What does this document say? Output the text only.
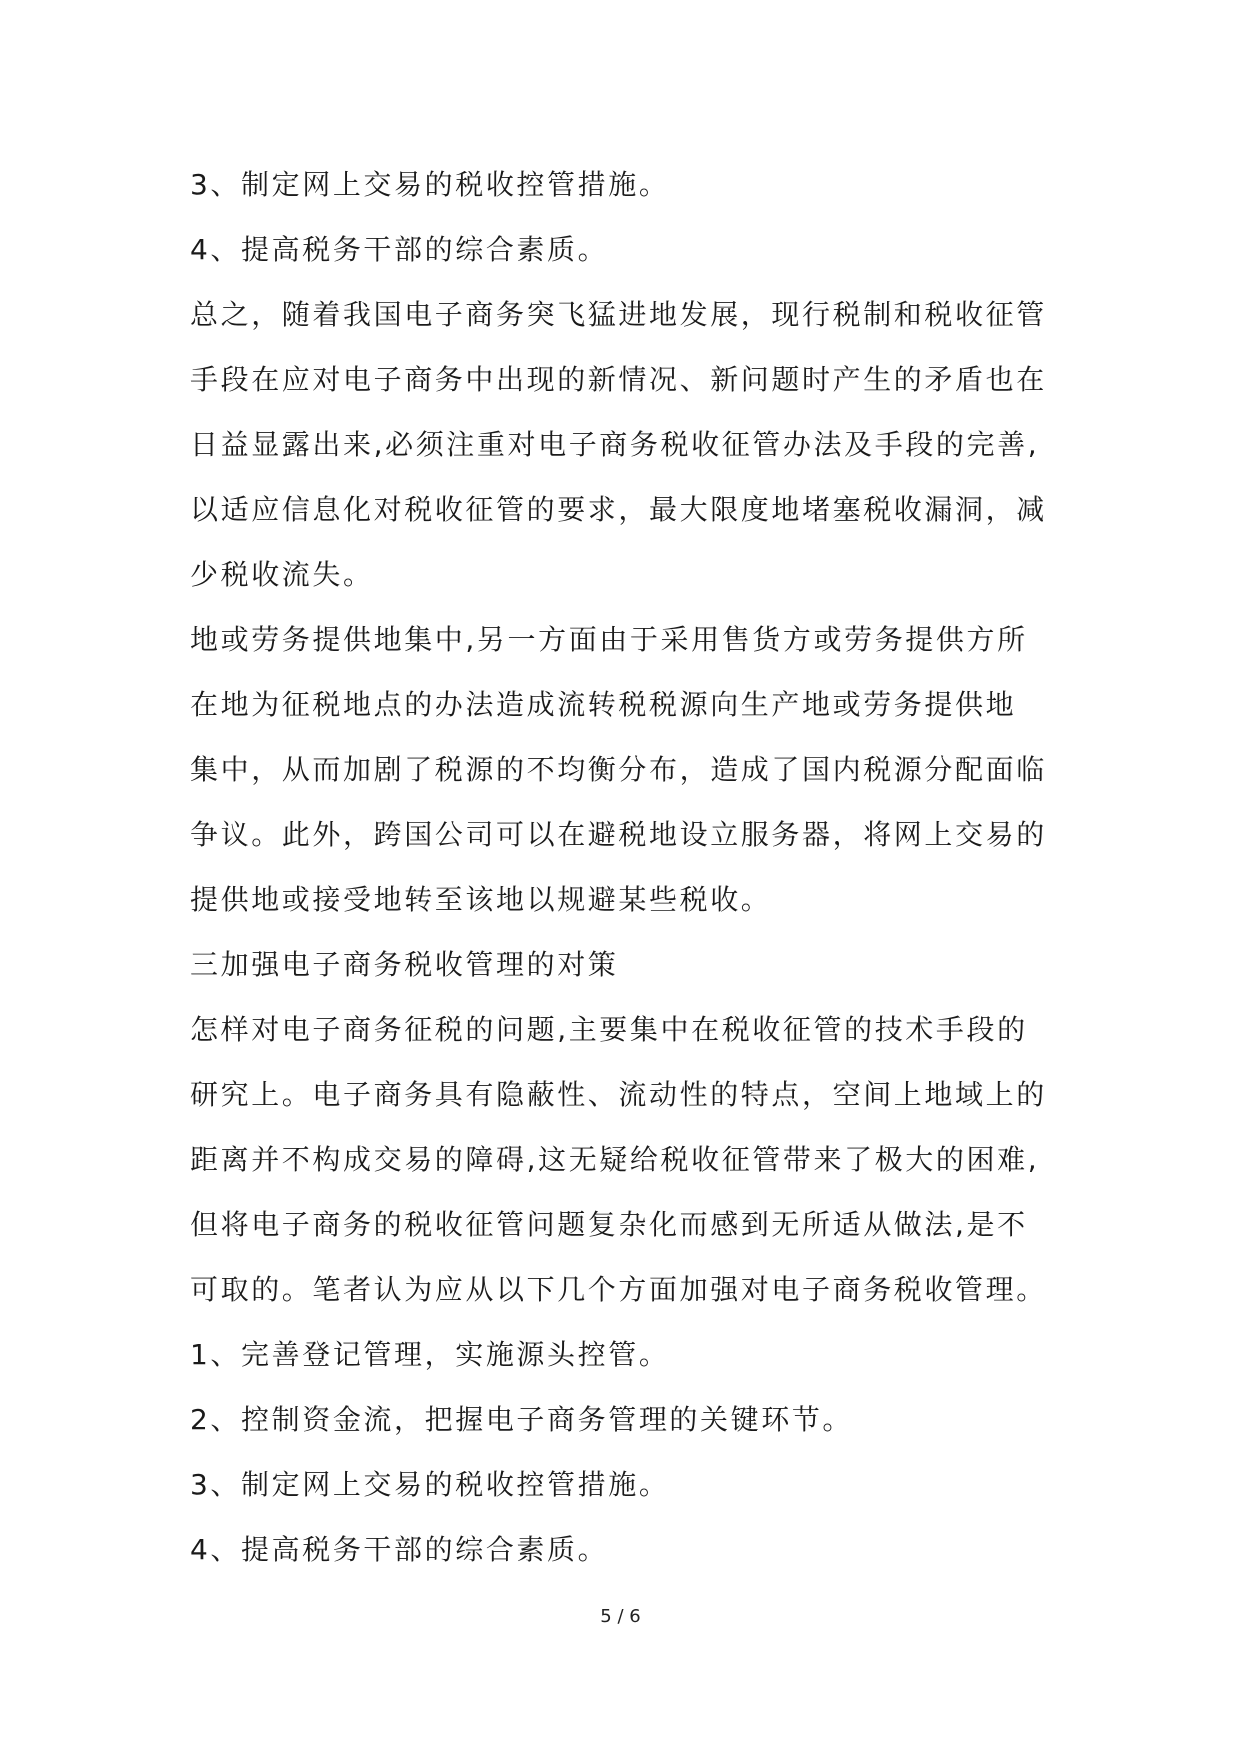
3、制定网上交易的税收控管措施。

4、提高税务干部的综合素质。

总之，随着我国电子商务突飞猛进地发展，现行税制和税收征管

手段在应对电子商务中出现的新情况、新问题时产生的矛盾也在

日益显露出来,必须注重对电子商务税收征管办法及手段的完善,

以适应信息化对税收征管的要求，最大限度地堵塞税收漏洞，减

少税收流失。

地或劳务提供地集中,另一方面由于采用售货方或劳务提供方所

在地为征税地点的办法造成流转税税源向生产地或劳务提供地

集中，从而加剧了税源的不均衡分布，造成了国内税源分配面临

争议。此外，跨国公司可以在避税地设立服务器，将网上交易的

提供地或接受地转至该地以规避某些税收。

三加强电子商务税收管理的对策

怎样对电子商务征税的问题,主要集中在税收征管的技术手段的

研究上。电子商务具有隐蔽性、流动性的特点，空间上地域上的

距离并不构成交易的障碍,这无疑给税收征管带来了极大的困难,

但将电子商务的税收征管问题复杂化而感到无所适从做法,是不

可取的。笔者认为应从以下几个方面加强对电子商务税收管理。

1、完善登记管理，实施源头控管。

2、控制资金流，把握电子商务管理的关键环节。

3、制定网上交易的税收控管措施。

4、提高税务干部的综合素质。

5 / 6
